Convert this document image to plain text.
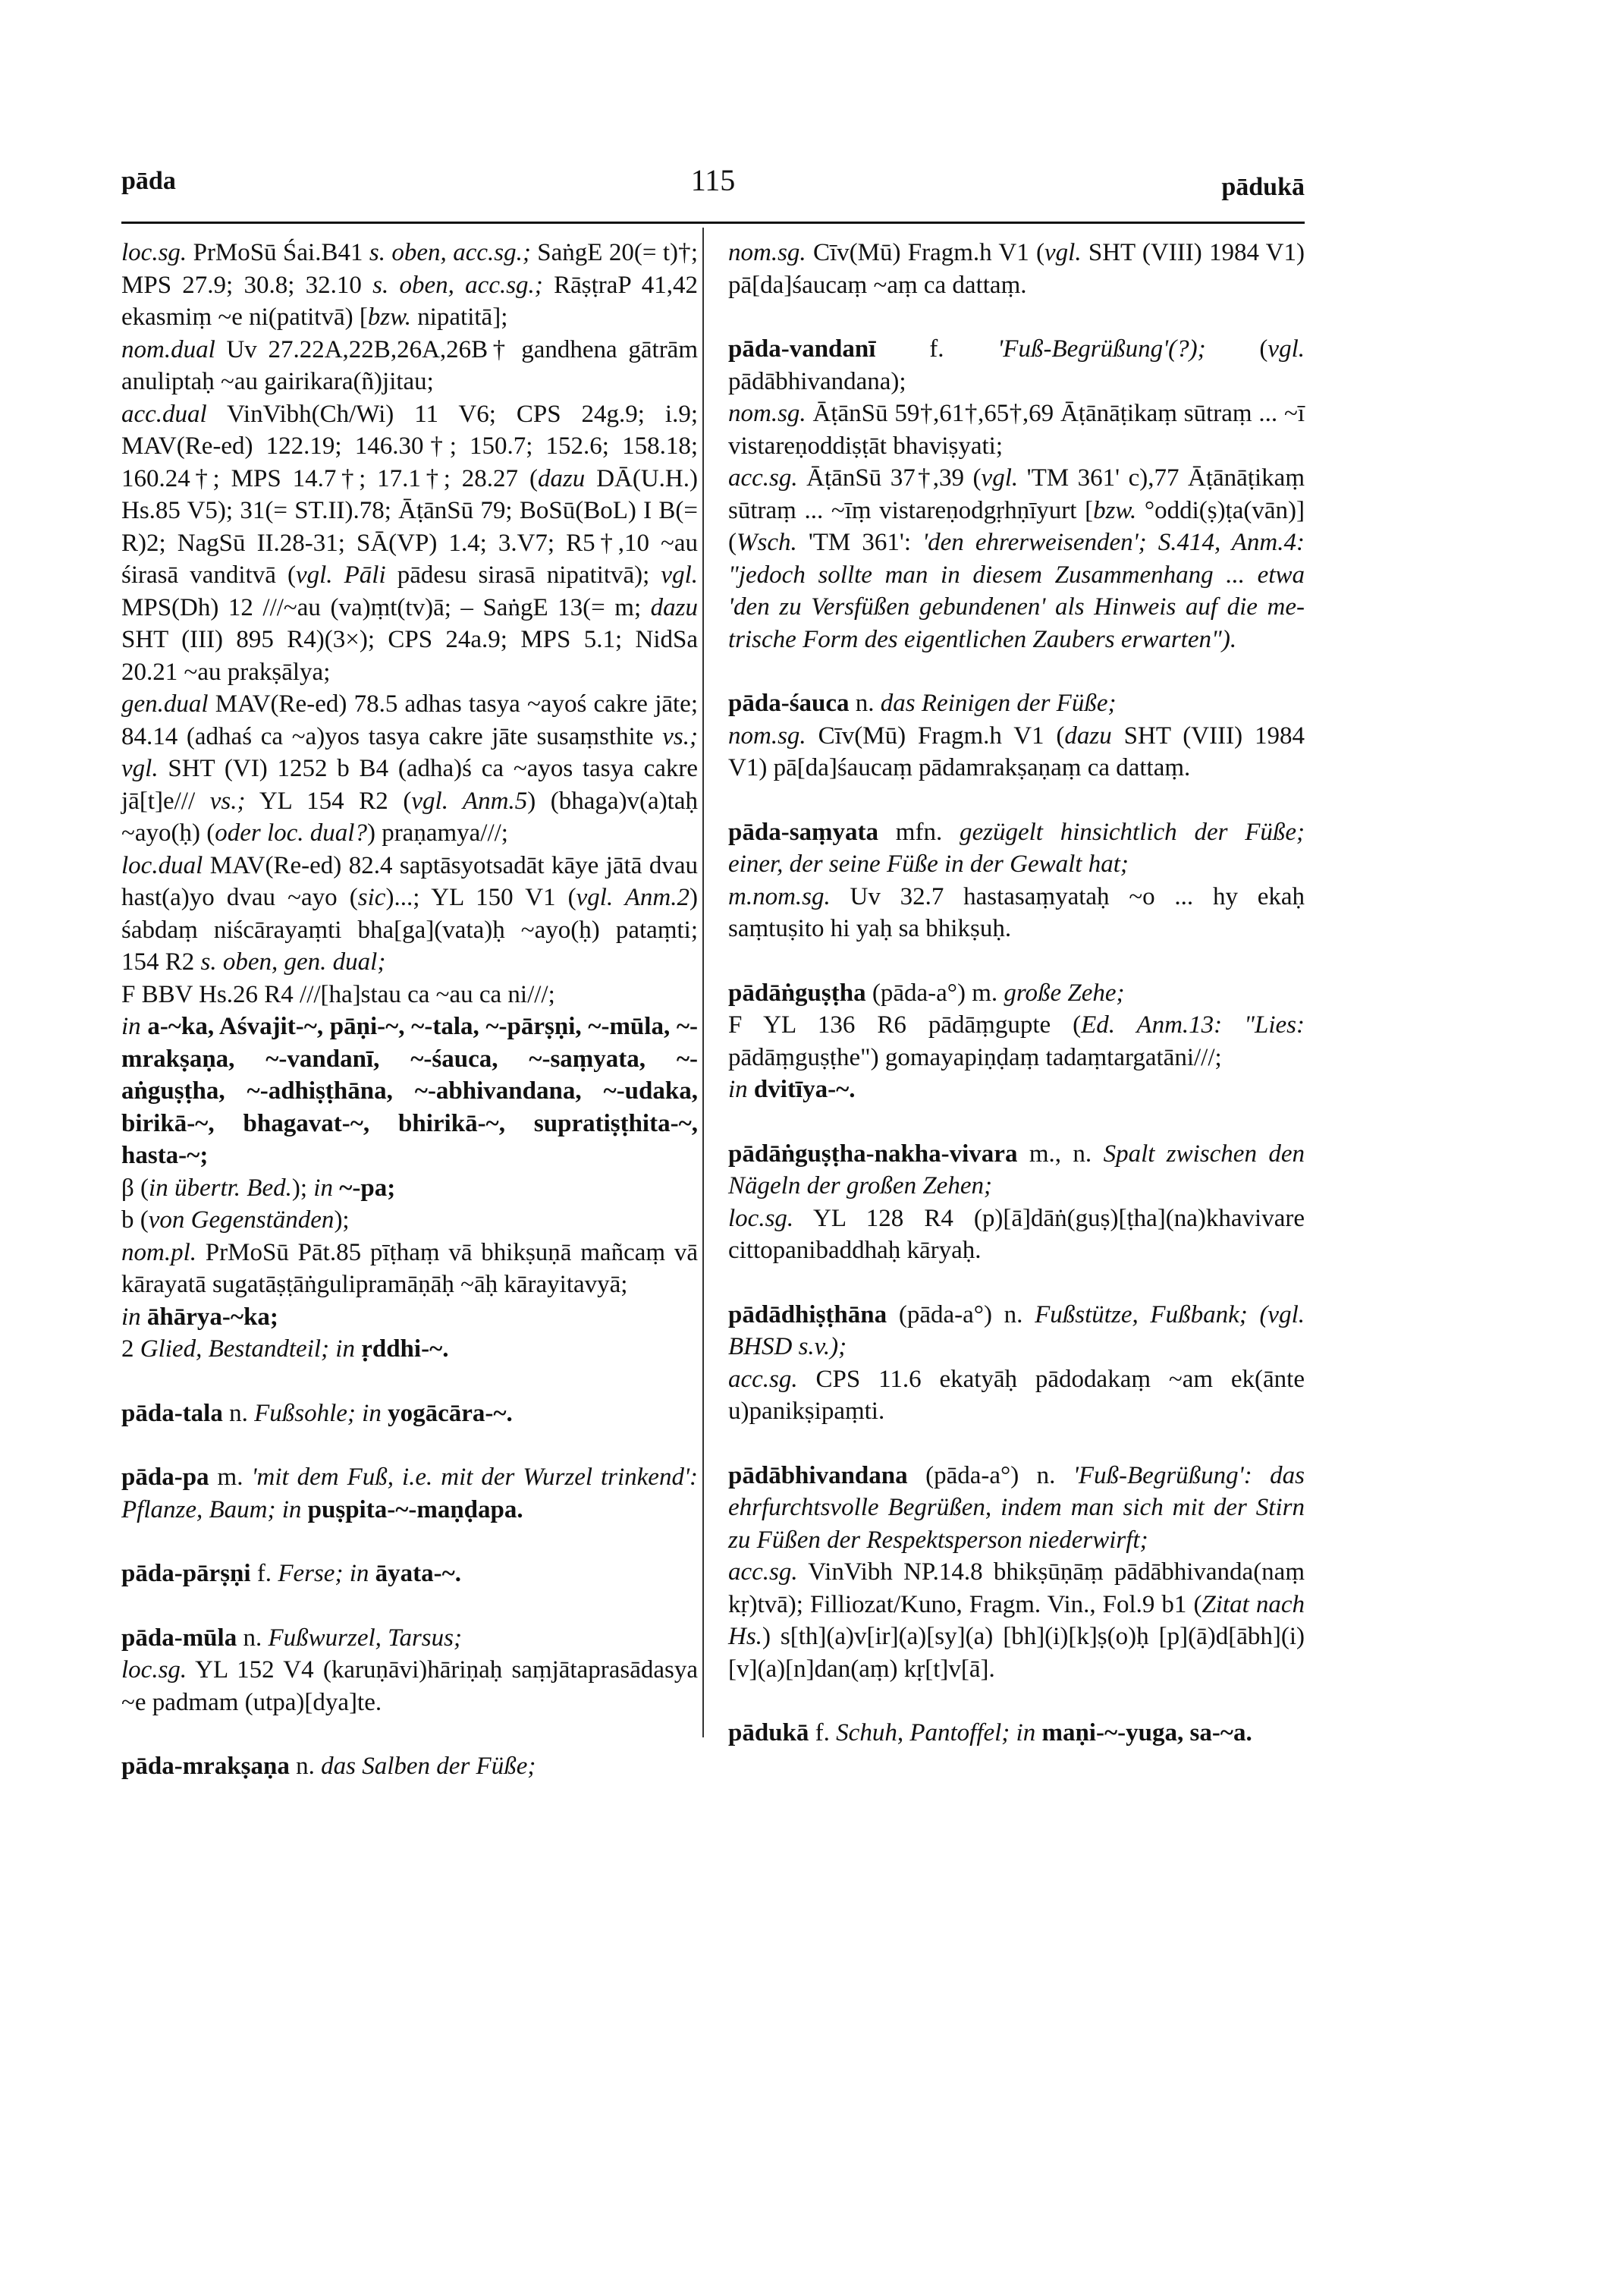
pāda	115	pādukā

loc.sg. PrMoSū Śai.B41 s. oben, acc.sg.; SaṅgE 20(= t)†; MPS 27.9; 30.8; 32.10 s. oben, acc.sg.; RāṣṭraP 41,42 ekasmiṃ ~e ni(patitvā) [bzw. nipatitā];

nom.dual Uv 27.22A,22B,26A,26B† gandhena gātrām anuliptaḥ ~au gairikara(ñ)jitau;

acc.dual VinVibh(Ch/Wi) 11 V6; CPS 24g.9; i.9; MAV(Re-ed) 122.19; 146.30†; 150.7; 152.6; 158.18; 160.24†; MPS 14.7†; 17.1†; 28.27 (dazu DĀ(U.H.) Hs.85 V5); 31(= ST.II).78; ĀṭānSū 79; BoSū(BoL) I B(= R)2; NagSū II.28-31; SĀ(VP) 1.4; 3.V7; R5†,10 ~au śirasā vanditvā (vgl. Pāli pādesu sirasā nipatitvā); vgl. MPS(Dh) 12 ///~au (va)ṃt(tv)ā; – SaṅgE 13(= m; dazu SHT (III) 895 R4)(3×); CPS 24a.9; MPS 5.1; NidSa 20.21 ~au prakṣālya;

gen.dual MAV(Re-ed) 78.5 adhas tasya ~ayoś cakre jāte; 84.14 (adhaś ca ~a)yos tasya cakre jāte susaṃsthite vs.; vgl. SHT (VI) 1252 b B4 (adha)ś ca ~ayos tasya cakre jā[t]e/// vs.; YL 154 R2 (vgl. Anm.5) (bhaga)v(a)taḥ ~ayo(ḥ) (oder loc. dual?) praṇamya///;

loc.dual MAV(Re-ed) 82.4 saptāsyotsadāt kāye jātā dvau hast(a)yo dvau ~ayo (sic)...; YL 150 V1 (vgl. Anm.2) śabdaṃ niścārayaṃti bha[ga](vata)ḥ ~ayo(ḥ) pataṃti; 154 R2 s. oben, gen. dual;

F BBV Hs.26 R4 ///[ha]stau ca ~au ca ni///;

in a-~ka, Aśvajit-~, pāṇi-~, ~-tala, ~-pārṣṇi, ~-mūla, ~-mrakṣaṇa, ~-vandanī, ~-śauca, ~-saṃyata, ~-aṅguṣṭha, ~-adhiṣṭhāna, ~-abhivandana, ~-udaka, birikā-~, bhagavat-~, bhirikā-~, supratiṣṭhita-~, hasta-~;

β (in übertr. Bed.); in ~-pa;

b (von Gegenständen);

nom.pl. PrMoSū Pāt.85 pīṭhaṃ vā bhikṣuṇā mañcaṃ vā kārayatā sugatāṣṭāṅgulipramāṇāḥ ~āḥ kārayitavyā;

in āhārya-~ka;

2 Glied, Bestandteil; in ṛddhi-~.

pāda-tala n. Fußsohle; in yogācāra-~.

pāda-pa m. 'mit dem Fuß, i.e. mit der Wurzel trinkend': Pflanze, Baum; in puṣpita-~-maṇḍapa.

pāda-pārṣṇi f. Ferse; in āyata-~.

pāda-mūla n. Fußwurzel, Tarsus;

loc.sg. YL 152 V4 (karuṇāvi)hāriṇaḥ saṃjātaprasādasya ~e padmam (utpa)[dya]te.

pāda-mrakṣaṇa n. das Salben der Füße;

nom.sg. Cīv(Mū) Fragm.h V1 (vgl. SHT (VIII) 1984 V1) pā[da]śaucaṃ ~aṃ ca dattaṃ.

pāda-vandanī f. 'Fuß-Begrüßung'(?); (vgl. pādābhivandana);

nom.sg. ĀṭānSū 59†,61†,65†,69 Āṭānāṭikaṃ sūtraṃ ... ~ī vistareṇoddiṣṭāt bhaviṣyati;

acc.sg. ĀṭānSū 37†,39 (vgl. 'TM 361' c),77 Āṭānāṭikaṃ sūtraṃ ... ~īṃ vistareṇodgṛhṇīyurt [bzw. °oddi(ṣ)ṭa(vān)] (Wsch. 'TM 361': 'den ehrerweisenden'; S.414, Anm.4: "jedoch sollte man in diesem Zusammenhang ... etwa 'den zu Versfüßen gebundenen' als Hinweis auf die metrische Form des eigentlichen Zaubers erwarten").

pāda-śauca n. das Reinigen der Füße;

nom.sg. Cīv(Mū) Fragm.h V1 (dazu SHT (VIII) 1984 V1) pā[da]śaucaṃ pādamrakṣaṇaṃ ca dattaṃ.

pāda-saṃyata mfn. gezügelt hinsichtlich der Füße; einer, der seine Füße in der Gewalt hat;

m.nom.sg. Uv 32.7 hastasaṃyataḥ ~o ... hy ekaḥ saṃtuṣito hi yaḥ sa bhikṣuḥ.

pādāṅguṣṭha (pāda-a°) m. große Zehe;

F YL 136 R6 pādāṃgupte (Ed. Anm.13: "Lies: pādāṃguṣṭhe") gomayapiṇḍaṃ tadaṃtargatāni///;

in dvitīya-~.

pādāṅguṣṭha-nakha-vivara m., n. Spalt zwischen den Nägeln der großen Zehen;

loc.sg. YL 128 R4 (p)[ā]dāṅ(guṣ)[ṭha](na)khavivare cittopanibaddhaḥ kāryaḥ.

pādādhiṣṭhāna (pāda-a°) n. Fußstütze, Fußbank; (vgl. BHSD s.v.);

acc.sg. CPS 11.6 ekatyāḥ pādodakaṃ ~am ek(ānte u)panikṣipaṃti.

pādābhivandana (pāda-a°) n. 'Fuß-Begrüßung': das ehrfurchtsvolle Begrüßen, indem man sich mit der Stirn zu Füßen der Respektsperson niederwirft;

acc.sg. VinVibh NP.14.8 bhikṣūṇāṃ pādābhivanda(naṃ kṛ)tvā); Filliozat/Kuno, Fragm. Vin., Fol.9 b1 (Zitat nach Hs.) s[th](a)v[ir](a)[sy](a) [bh](i)[k]ṣ(o)ḥ [p](ā)d[ābh](i)[v](a)[n]dan(aṃ) kṛ[t]v[ā].

pādukā f. Schuh, Pantoffel; in maṇi-~-yuga, sa-~a.
